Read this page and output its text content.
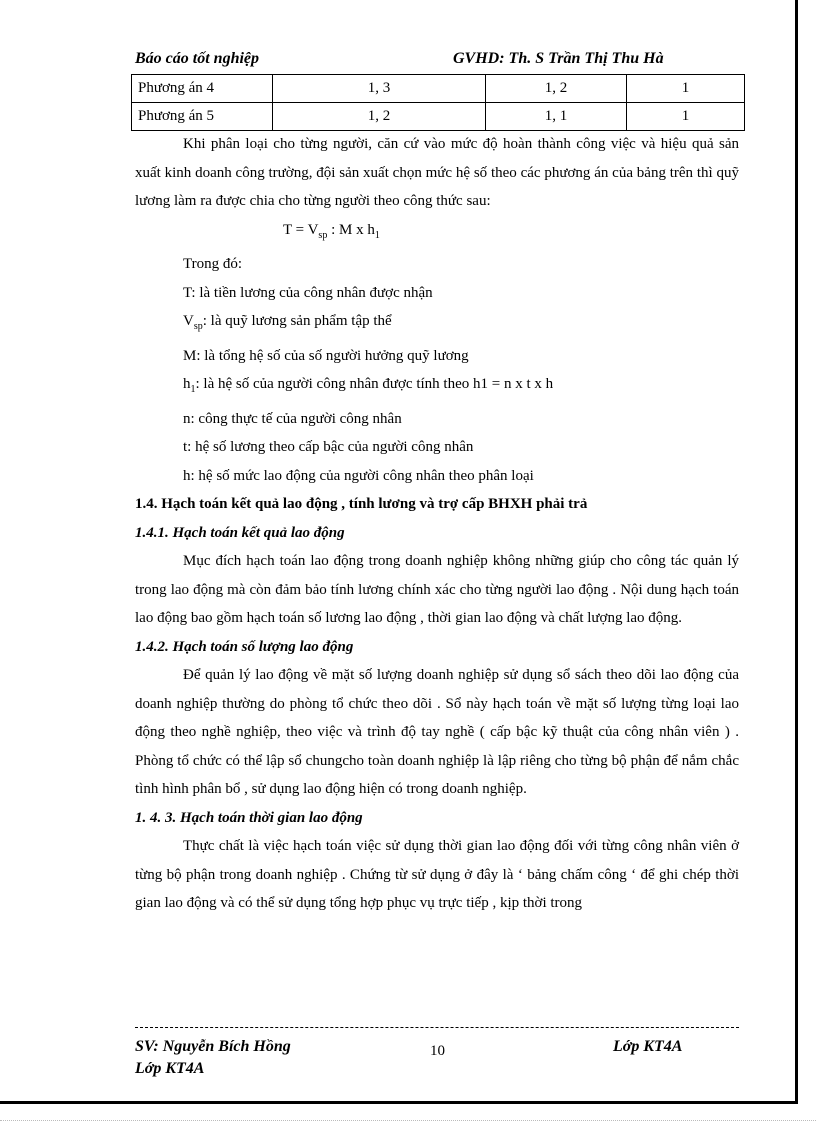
Báo cáo tốt nghiệp	GVHD: Th. S Trần Thị Thu Hà
Phương án 4	1, 3	1, 2	1
Phương án 5	1, 2	1, 1	1

Khi phân loại cho từng người, căn cứ vào mức độ hoàn thành công việc và hiệu quả sản xuất kinh doanh công trường, đội sản xuất chọn mức hệ số theo các phương án của bảng trên thì quỹ lương làm ra được chia cho từng người theo công thức sau:

$T = V_{sp}$ : M x $h_1$

Trong đó:

T: là tiền lương của công nhân được nhận

$V_{sp}$: là quỹ lương sản phẩm tập thể

M: là tổng hệ số của số người hưởng quỹ lương

$h_1$: là hệ số của người công nhân được tính theo h1 = n x t x h

n: công thực tế của người công nhân

t: hệ số lương theo cấp bậc của người công nhân

h: hệ số mức lao động của người công nhân theo phân loại

1.4. Hạch toán kết quả lao động , tính lương và trợ cấp BHXH phải trả

1.4.1. Hạch toán kết quả lao động

Mục đích hạch toán lao động trong doanh nghiệp không những giúp cho công tác quản lý trong lao động mà còn đảm bảo tính lương chính xác cho từng người lao động . Nội dung hạch toán lao động bao gồm hạch toán số lương lao động , thời gian lao động và chất lượng lao động.

1.4.2. Hạch toán số lượng lao động

Để quản lý lao động về mặt số lượng doanh nghiệp sử dụng sổ sách theo dõi lao động của doanh nghiệp thường do phòng tổ chức theo dõi . Sổ này hạch toán về mặt số lượng từng loại lao động theo nghề nghiệp, theo việc và trình độ tay nghề ( cấp bậc kỹ thuật của công nhân viên ) . Phòng tổ chức có thể lập sổ chungcho toàn doanh nghiệp là lập riêng cho từng bộ phận để nắm chắc tình hình phân bổ , sử dụng lao động hiện có trong doanh nghiệp.

1. 4. 3. Hạch toán thời gian lao động

Thực chất là việc hạch toán việc sử dụng thời gian lao động đối với từng công nhân viên ở từng bộ phận trong doanh nghiệp . Chứng từ sử dụng ở đây là ‘ bảng chấm công ‘ để ghi chép thời gian lao động và có thể sử dụng tổng hợp phục vụ trực tiếp , kịp thời trong

SV: Nguyễn Bích Hồng	10	Lớp KT4A
Lớp KT4A
